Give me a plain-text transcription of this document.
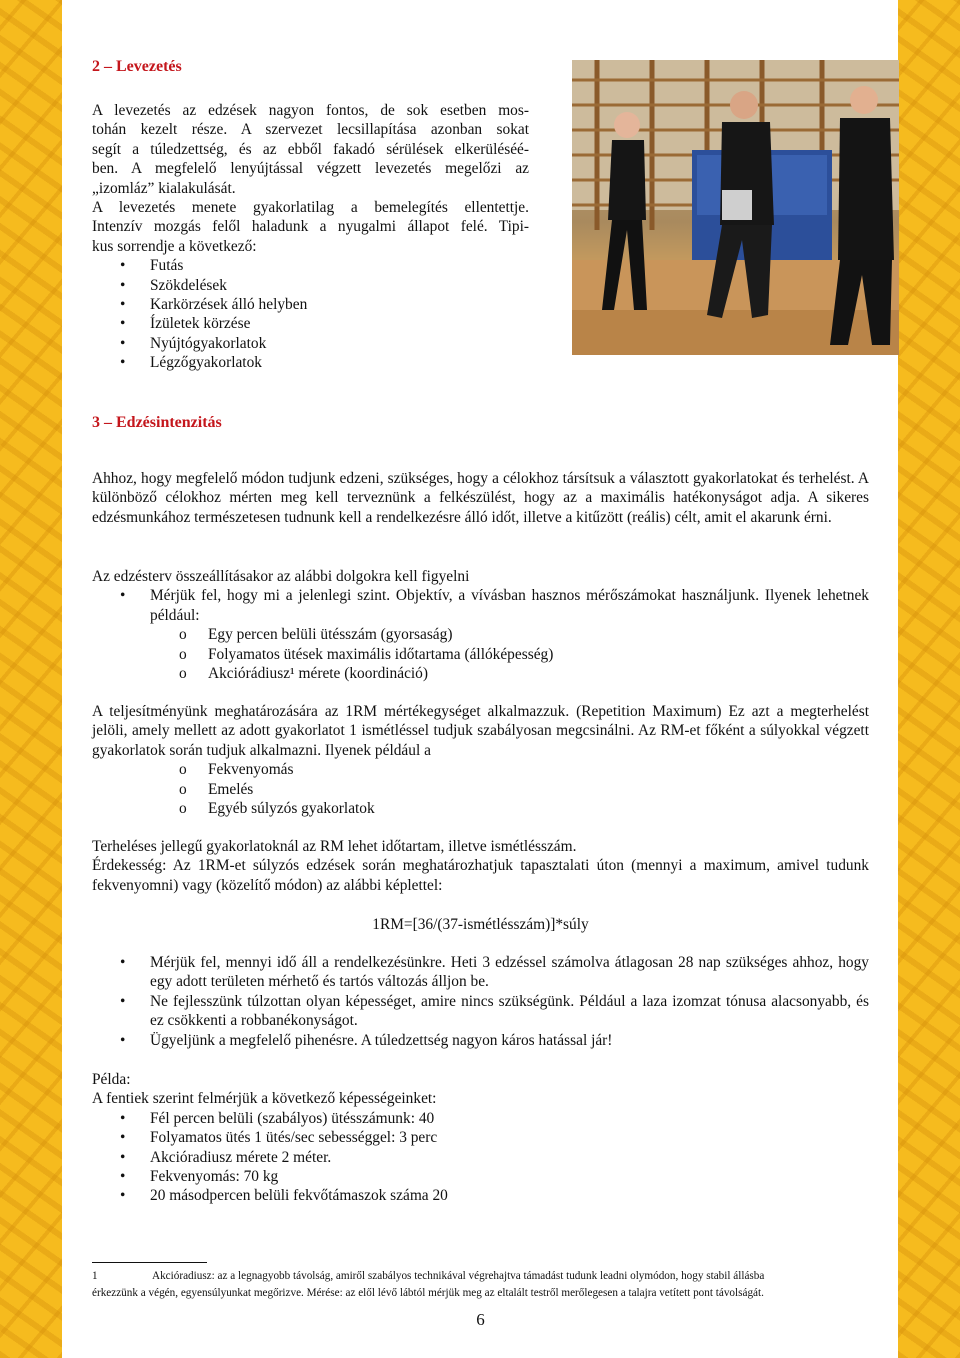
2 – Levezetés

A levezetés az edzések nagyon fontos, de sok esetben mos-

tohán kezelt része. A szervezet lecsillapítása azonban sokat

segít a túledzettség, és az ebből fakadó sérülések elkerüléséé-

ben. A megfelelő lenyújtással végzett levezetés megelőzi az

„izomláz” kialakulását.

A levezetés menete gyakorlatilag a bemelegítés ellentettje.

Intenzív mozgás felől haladunk a nyugalmi állapot felé. Tipi-

kus sorrendje a következő:

• Futás
• Szökdelések
• Karkörzések álló helyben
• Ízületek körzése
• Nyújtógyakorlatok
• Légzőgyakorlatok
3 – Edzésintenzitás

Ahhoz, hogy megfelelő módon tudjunk edzeni, szükséges, hogy a célokhoz társítsuk a választott gyakorlatokat és terhelést. A különböző célokhoz mérten meg kell terveznünk a felkészülést, hogy az a maximális hatékonyságot adja. A sikeres edzésmunkához természetesen tudnunk kell a rendelkezésre álló időt, illetve a kitűzött (reális) célt, amit el akarunk érni.

Az edzésterv összeállításakor az alábbi dolgokra kell figyelni

• Mérjük fel, hogy mi a jelenlegi szint. Objektív, a vívásban hasznos mérőszámokat használjunk. Ilyenek lehetnek például:
o Egy percen belüli ütésszám (gyorsaság)
o Folyamatos ütések maximális időtartama (állóképesség)
o Akciórádiusz¹ mérete (koordináció)

A teljesítményünk meghatározására az 1RM mértékegységet alkalmazzuk. (Repetition Maximum) Ez azt a megterhelést jelöli, amely mellett az adott gyakorlatot 1 ismétléssel tudjuk szabályosan megcsinálni. Az RM-et főként a súlyokkal végzett gyakorlatok során tudjuk alkalmazni. Ilyenek például a

o Fekvenyomás
o Emelés
o Egyéb súlyzós gyakorlatok

Terheléses jellegű gyakorlatoknál az RM lehet időtartam, illetve ismétlésszám.

Érdekesség: Az 1RM-et súlyzós edzések során meghatározhatjuk tapasztalati úton (mennyi a maximum, amivel tudunk fekvenyomni) vagy (közelítő módon) az alábbi képlettel:

1RM=[36/(37-ismétlésszám)]*súly

• Mérjük fel, mennyi idő áll a rendelkezésünkre. Heti 3 edzéssel számolva átlagosan 28 nap szükséges ahhoz, hogy egy adott területen mérhető és tartós változás álljon be.
• Ne fejlesszünk túlzottan olyan képességet, amire nincs szükségünk. Például a laza izomzat tónusa alacsonyabb, és ez csökkenti a robbanékonyságot.
• Ügyeljünk a megfelelő pihenésre. A túledzettség nagyon káros hatással jár!

Példa:

A fentiek szerint felmérjük a következő képességeinket:

• Fél percen belüli (szabályos) ütésszámunk: 40
• Folyamatos ütés 1 ütés/sec sebességgel: 3 perc
• Akcióradiusz mérete 2 méter.
• Fekvenyomás: 70 kg
• 20 másodpercen belüli fekvőtámaszok száma 20

1	Akcióradiusz: az a legnagyobb távolság, amiről szabályos technikával végrehajtva támadást tudunk leadni olymódon, hogy stabil állásba

érkezzünk a végén, egyensúlyunkat megőrizve. Mérése: az elől lévő lábtól mérjük meg az eltalált testről merőlegesen a talajra vetített pont távolságát.

6
